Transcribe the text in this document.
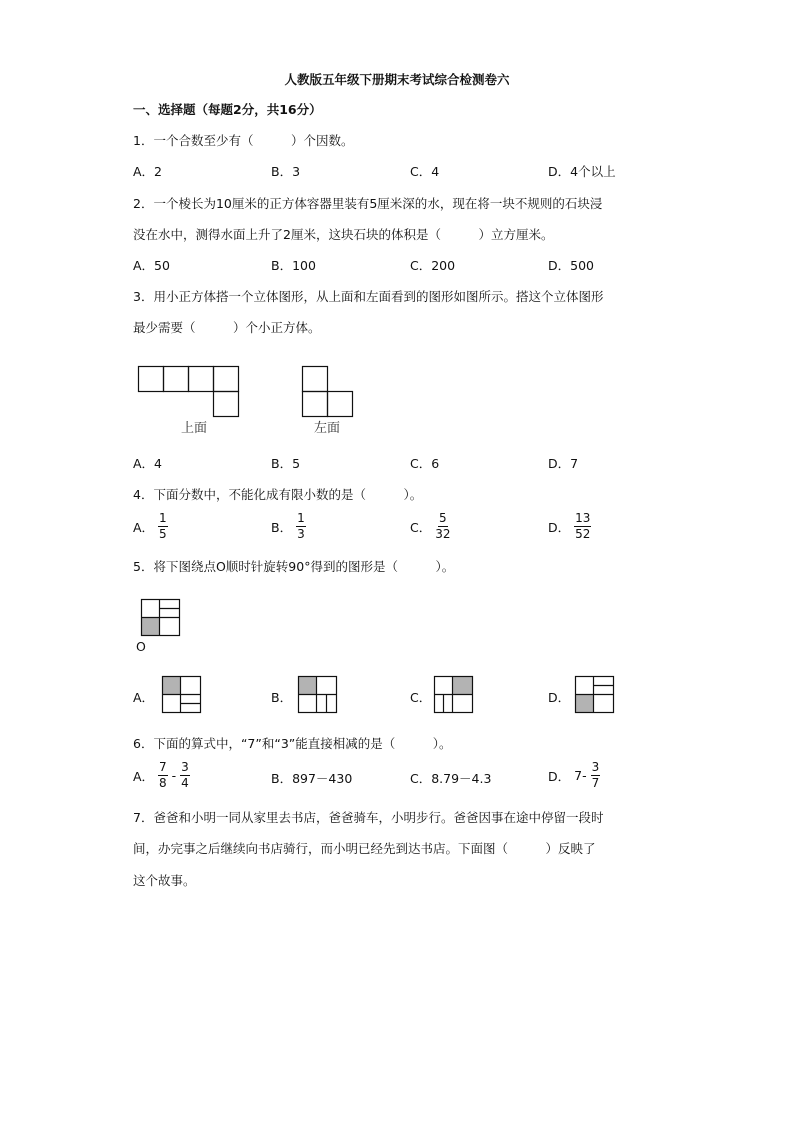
人教版五年级下册期末考试综合检测卷六
一、选择题（每题2分，共16分）
1．一个合数至少有（　　　）个因数。
A．2	B．3	C．4	D．4个以上
2．一个棱长为10厘米的正方体容器里装有5厘米深的水，现在将一块不规则的石块浸
没在水中，测得水面上升了2厘米，这块石块的体积是（　　　）立方厘米。
A．50	B．100	C．200	D．500
3．用小正方体搭一个立体图形，从上面和左面看到的图形如图所示。搭这个立体图形
最少需要（　　　）个小正方体。
上面	左面
A．4	B．5	C．6	D．7
4．下面分数中，不能化成有限小数的是（　　　）。
A． $\frac{1}{5}$	B． $\frac{1}{3}$	C． $\frac{5}{32}$	D． $\frac{13}{52}$
5．将下图绕点O顺时针旋转90°得到的图形是（　　　）。
O
A．	B．	C．	D．
6．下面的算式中，“7”和“3”能直接相减的是（　　　）。
A． $\frac{7}{8} - \frac{3}{4}$	B．897－430	C．8.79－4.3	D． $7- \frac{3}{7}$
7．爸爸和小明一同从家里去书店，爸爸骑车，小明步行。爸爸因事在途中停留一段时
间，办完事之后继续向书店骑行，而小明已经先到达书店。下面图（　　　）反映了
这个故事。
